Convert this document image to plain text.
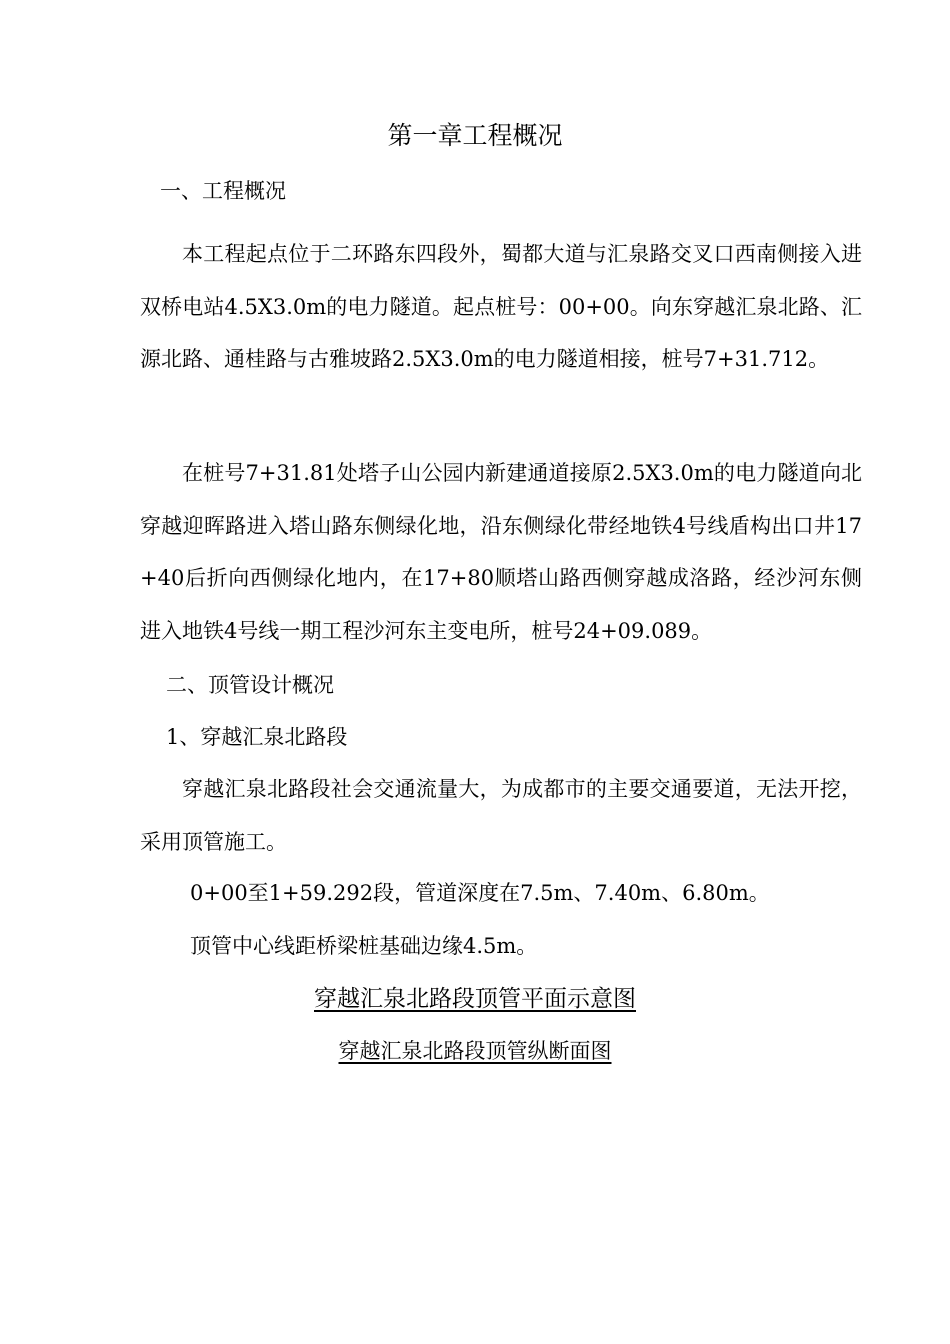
第一章工程概况
一、工程概况
本工程起点位于二环路东四段外，蜀都大道与汇泉路交叉口西南侧接入进双桥电站4.5X3.0m的电力隧道。起点桩号：00+00。向东穿越汇泉北路、汇源北路、通桂路与古雅坡路2.5X3.0m的电力隧道相接，桩号7+31.712。
在桩号7+31.81处塔子山公园内新建通道接原2.5X3.0m的电力隧道向北穿越迎晖路进入塔山路东侧绿化地，沿东侧绿化带经地铁4号线盾构出口井17+40后折向西侧绿化地内，在17+80顺塔山路西侧穿越成洛路，经沙河东侧进入地铁4号线一期工程沙河东主变电所，桩号24+09.089。
二、顶管设计概况
1、穿越汇泉北路段
穿越汇泉北路段社会交通流量大，为成都市的主要交通要道，无法开挖，采用顶管施工。
0+00至1+59.292段，管道深度在7.5m、7.40m、6.80m。
顶管中心线距桥梁桩基础边缘4.5m。
穿越汇泉北路段顶管平面示意图
穿越汇泉北路段顶管纵断面图
